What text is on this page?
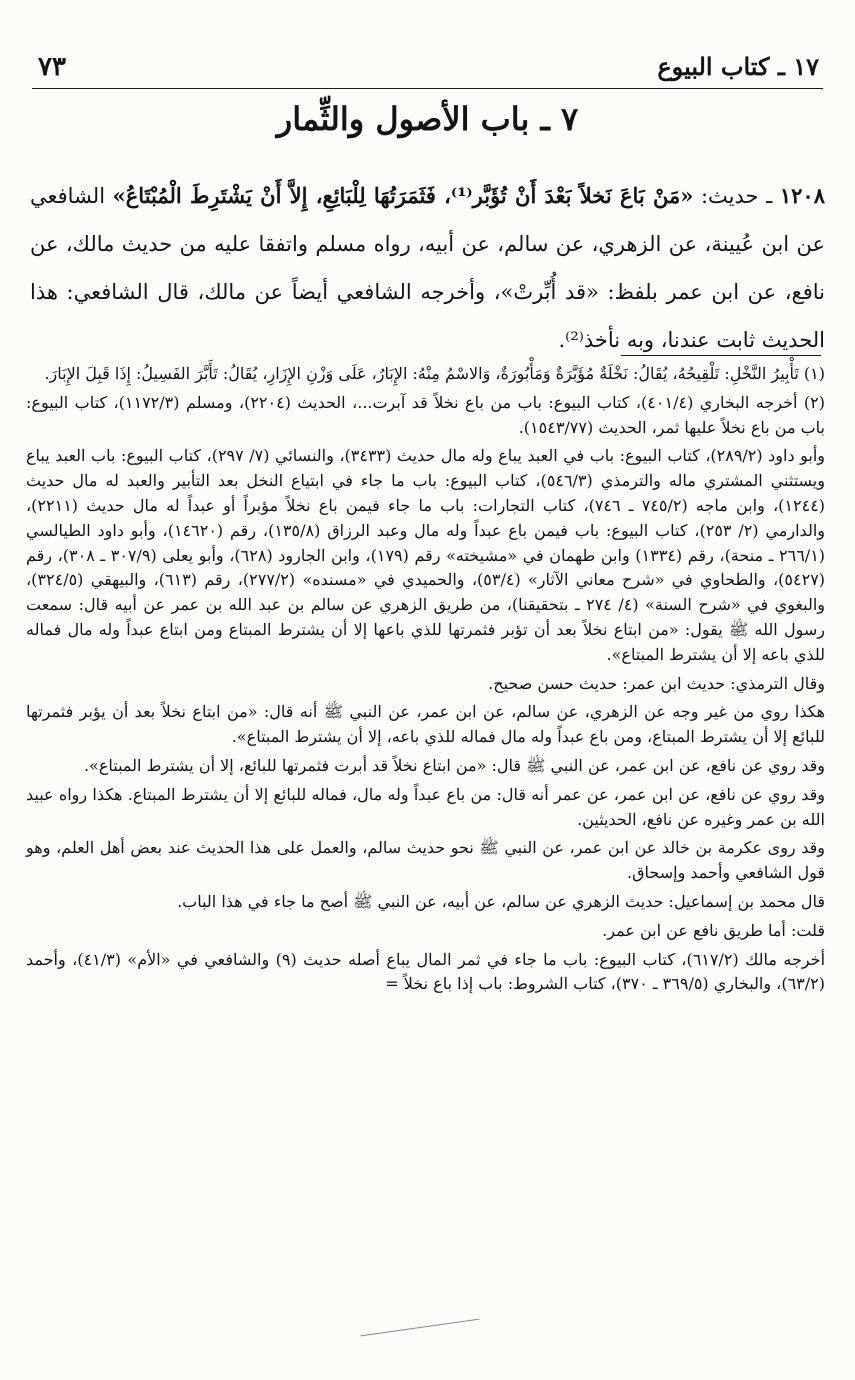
١٧ ـ كتاب البيوع
٧٣
٧ ـ باب الأصول والثِّمار
١٢٠٨ ـ حديث: «مَنْ بَاعَ نَخلاً بَعْدَ أَنْ تُؤَبَّر⁽¹⁾، فَثَمَرَتُهَا لِلْبَائِعِ، إِلاَّ أَنْ يَشْتَرِطَ الْمُبْتَاعُ» الشافعي عن ابن عُيينة، عن الزهري، عن سالم، عن أبيه، رواه مسلم واتفقا عليه من حديث مالك، عن نافع، عن ابن عمر بلفظ: «قد أُبِّرتْ»، وأخرجه الشافعي أيضاً عن مالك، قال الشافعي: هذا الحديث ثابت عندنا، وبه نأخذ⁽²⁾.

(١) تَأْبِيرُ النَّخْلِ: تَلْقِيحُهُ، يُقَالُ: نَخْلَةٌ مُؤَبَّرَةٌ وَمَأْبُورَةٌ، وَالاسْمُ مِنْهُ: الإِبَارُ، عَلَى وَزْنِ الإِزَارِ، يُقَالُ: تَأَبَّرَ الفَسِيلُ: إِذَا قَبِلَ الإِبَارَ.

(٢) أخرجه البخاري (٤٠١/٤)، كتاب البيوع: باب من باع نخلاً قد آبرت...، الحديث (٢٢٠٤)، ومسلم (١١٧٢/٣)، كتاب البيوع: باب من باع نخلاً عليها ثمر، الحديث (١٥٤٣/٧٧).

وأبو داود (٢٨٩/٢)، كتاب البيوع: باب في العبد يباع وله مال حديث (٣٤٣٣)، والنسائي (٧/ ٢٩٧)، كتاب البيوع: باب العبد يباع ويستثني المشتري ماله والترمذي (٥٤٦/٣)، كتاب البيوع: باب ما جاء في ابتياع النخل بعد التأبير والعبد له مال حديث (١٢٤٤)، وابن ماجه (٧٤٥/٢ ـ ٧٤٦)، كتاب التجارات: باب ما جاء فيمن باع نخلاً مؤبراً أو عبداً له مال حديث (٢٢١١)، والدارمي (٢/ ٢٥٣)، كتاب البيوع: باب فيمن باع عبداً وله مال وعبد الرزاق (١٣٥/٨)، رقم (١٤٦٢٠)، وأبو داود الطيالسي (٢٦٦/١ ـ منحة)، رقم (١٣٣٤) وابن طهمان في «مشيخته» رقم (١٧٩)، وابن الجارود (٦٢٨)، وأبو يعلى (٣٠٧/٩ ـ ٣٠٨)، رقم (٥٤٢٧)، والطحاوي في «شرح معاني الآثار» (٥٣/٤)، والحميدي في «مسنده» (٢٧٧/٢)، رقم (٦١٣)، والبيهقي (٣٢٤/٥)، والبغوي في «شرح السنة» (٤/ ٢٧٤ ـ بتحقيقنا)، من طريق الزهري عن سالم بن عبد الله بن عمر عن أبيه قال: سمعت رسول الله ﷺ يقول: «من ابتاع نخلاً بعد أن تؤبر فثمرتها للذي باعها إلا أن يشترط المبتاع ومن ابتاع عبداً وله مال فماله للذي باعه إلا أن يشترط المبتاع».

وقال الترمذي: حديث ابن عمر: حديث حسن صحيح.

هكذا روي من غير وجه عن الزهري، عن سالم، عن ابن عمر، عن النبي ﷺ أنه قال: «من ابتاع نخلاً بعد أن يؤبر فثمرتها للبائع إلا أن يشترط المبتاع، ومن باع عبداً وله مال فماله للذي باعه، إلا أن يشترط المبتاع».

وقد روي عن نافع، عن ابن عمر، عن النبي ﷺ قال: «من ابتاع نخلاً قد أبرت فثمرتها للبائع، إلا أن يشترط المبتاع».

وقد روي عن نافع، عن ابن عمر، عن عمر أنه قال: من باع عبداً وله مال، فماله للبائع إلا أن يشترط المبتاع. هكذا رواه عبيد الله بن عمر وغيره عن نافع، الحديثين.

وقد روى عكرمة بن خالد عن ابن عمر، عن النبي ﷺ نحو حديث سالم، والعمل على هذا الحديث عند بعض أهل العلم، وهو قول الشافعي وأحمد وإسحاق.

قال محمد بن إسماعيل: حديث الزهري عن سالم، عن أبيه، عن النبي ﷺ أصح ما جاء في هذا الباب.

قلت: أما طريق نافع عن ابن عمر.

أخرجه مالك (٦١٧/٢)، كتاب البيوع: باب ما جاء في ثمر المال يباع أصله حديث (٩) والشافعي في «الأم» (٤١/٣)، وأحمد (٦٣/٢)، والبخاري (٣٦٩/٥ ـ ٣٧٠)، كتاب الشروط: باب إذا باع نخلاً =
